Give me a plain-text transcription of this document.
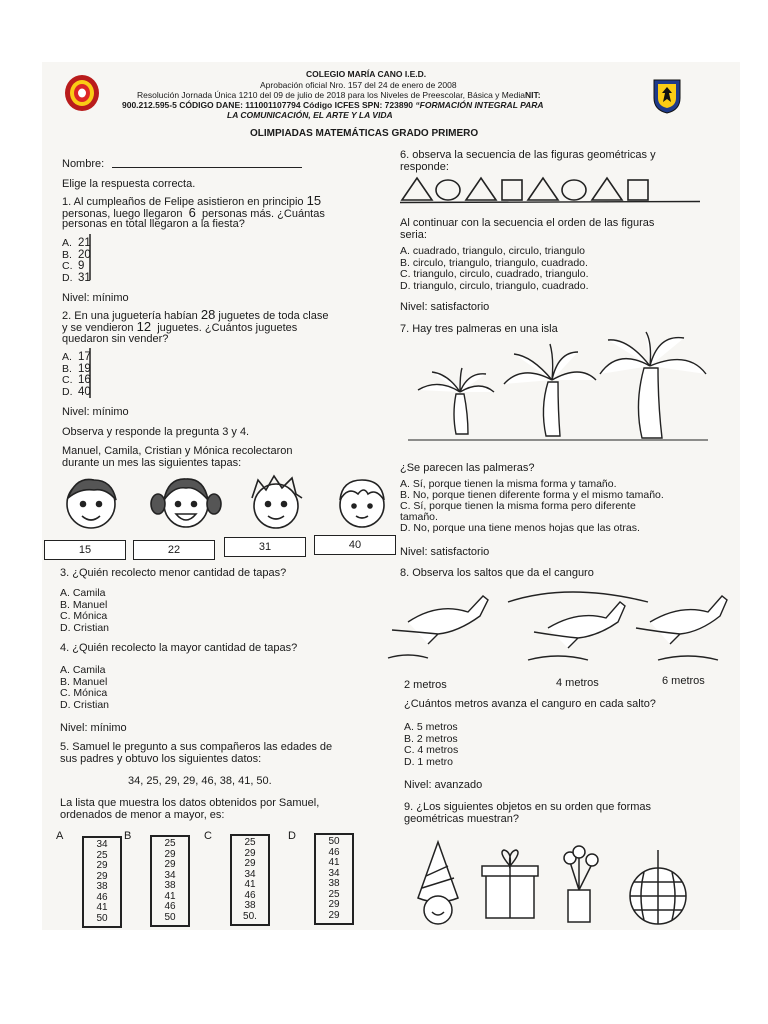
COLEGIO MARÍA CANO I.E.D.
Aprobación oficial Nro. 157 del 24 de enero de 2008
Resolución Jornada Única 1210 del 09 de julio de 2018 para los Niveles de Preescolar, Básica y MediaNIT:
900.212.595-5 CÓDIGO DANE: 111001107794 Código ICFES SPN: 723890 “FORMACIÓN INTEGRAL PARA
LA COMUNICACIÓN, EL ARTE Y LA VIDA
OLIMPIADAS MATEMÁTICAS GRADO PRIMERO
Nombre:
Elige la respuesta correcta.
1. Al cumpleaños de Felipe asistieron en principio 15
personas, luego llegaron 6 personas más. ¿Cuántas
personas en total llegaron a la fiesta?
Nivel: mínimo
2. En una juguetería habían 28 juguetes de toda clase
y se vendieron 12 juguetes. ¿Cuántos juguetes
quedaron sin vender?
Nivel: mínimo
Observa y responde la pregunta 3 y 4.
Manuel, Camila, Cristian y Mónica recolectaron
durante un mes las siguientes tapas:
15	22	31	40
3. ¿Quién recolecto menor cantidad de tapas?
4. ¿Quién recolecto la mayor cantidad de tapas?
Nivel: mínimo
5. Samuel le pregunto a sus compañeros las edades de
sus padres y obtuvo los siguientes datos:
34, 25, 29, 29, 46, 38, 41, 50.
La lista que muestra los datos obtenidos por Samuel,
ordenados de menor a mayor, es:
6. observa la secuencia de las figuras geométricas y
responde:
Al continuar con la secuencia el orden de las figuras
seria:
Nivel: satisfactorio
7. Hay tres palmeras en una isla
¿Se parecen las palmeras?
Nivel: satisfactorio
8. Observa los saltos que da el canguro
2 metros	4 metros	6 metros
¿Cuántos metros avanza el canguro en cada salto?
Nivel: avanzado
9. ¿Los siguientes objetos en su orden que formas
geométricas muestran?
A. 21
B. 20
C. 9
D. 31
A. 17
B. 19
C. 16
D. 40
A. Camila
B. Manuel
C. Mónica
D. Cristian
A. Camila
B. Manuel
C. Mónica
D. Cristian
A. cuadrado, triangulo, circulo, triangulo
B. circulo, triangulo, triangulo, cuadrado.
C. triangulo, circulo, cuadrado, triangulo.
D. triangulo, circulo, triangulo, cuadrado.
A. Sí, porque tienen la misma forma y tamaño.
B. No, porque tienen diferente forma y el mismo tamaño.
C. Sí, porque tienen la misma forma pero diferente
tamaño.
D. No, porque una tiene menos hojas que las otras.
A. 5 metros
B. 2 metros
C. 4 metros
D. 1 metro
A
34
25
29
29
38
46
41
50
B
25
29
29
34
38
41
46
50
C
25
29
29
34
41
46
38
50.
D	50
46
41
34
38
25
29
29
